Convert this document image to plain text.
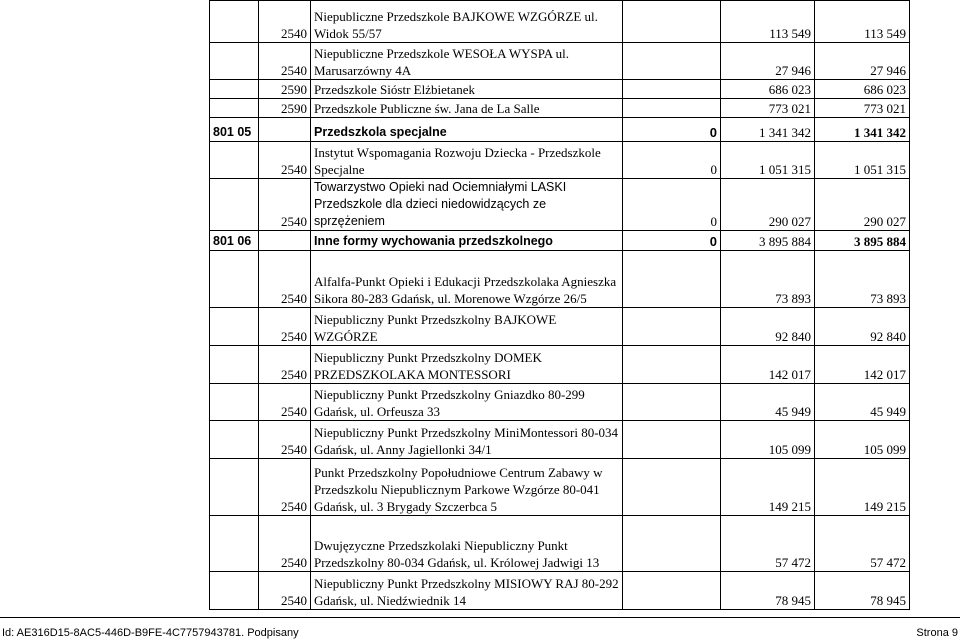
	2540	Niepubliczne Przedszkole BAJKOWE WZGÓRZE ul. Widok 55/57		113 549	113 549
	2540	Niepubliczne Przedszkole WESOŁA WYSPA ul. Marusarzówny 4A		27 946	27 946
	2590	Przedszkole Sióstr Elżbietanek		686 023	686 023
	2590	Przedszkole Publiczne św. Jana de La Salle		773 021	773 021
801 05		Przedszkola specjalne	0	1 341 342	1 341 342
	2540	Instytut Wspomagania Rozwoju Dziecka - Przedszkole Specjalne	0	1 051 315	1 051 315
	2540	Towarzystwo Opieki nad Ociemniałymi LASKI Przedszkole dla dzieci niedowidzących ze sprzężeniem	0	290 027	290 027
801 06		Inne formy wychowania przedszkolnego	0	3 895 884	3 895 884
	2540	Alfalfa-Punkt Opieki i Edukacji Przedszkolaka Agnieszka Sikora 80-283 Gdańsk, ul. Morenowe Wzgórze 26/5		73 893	73 893
	2540	Niepubliczny Punkt Przedszkolny BAJKOWE WZGÓRZE		92 840	92 840
	2540	Niepubliczny Punkt Przedszkolny DOMEK PRZEDSZKOLAKA MONTESSORI		142 017	142 017
	2540	Niepubliczny Punkt Przedszkolny Gniazdko 80-299 Gdańsk, ul. Orfeusza 33		45 949	45 949
	2540	Niepubliczny Punkt Przedszkolny MiniMontessori 80-034 Gdańsk, ul. Anny Jagiellonki 34/1		105 099	105 099
	2540	Punkt Przedszkolny Popołudniowe Centrum Zabawy w Przedszkolu Niepublicznym Parkowe Wzgórze 80-041 Gdańsk, ul. 3 Brygady Szczerbca 5		149 215	149 215
	2540	Dwujęzyczne Przedszkolaki Niepubliczny Punkt Przedszkolny 80-034 Gdańsk, ul. Królowej Jadwigi 13		57 472	57 472
	2540	Niepubliczny Punkt Przedszkolny MISIOWY RAJ 80-292 Gdańsk, ul. Niedźwiednik 14		78 945	78 945
Id: AE316D15-8AC5-446D-B9FE-4C7757943781. Podpisany	Strona 9
